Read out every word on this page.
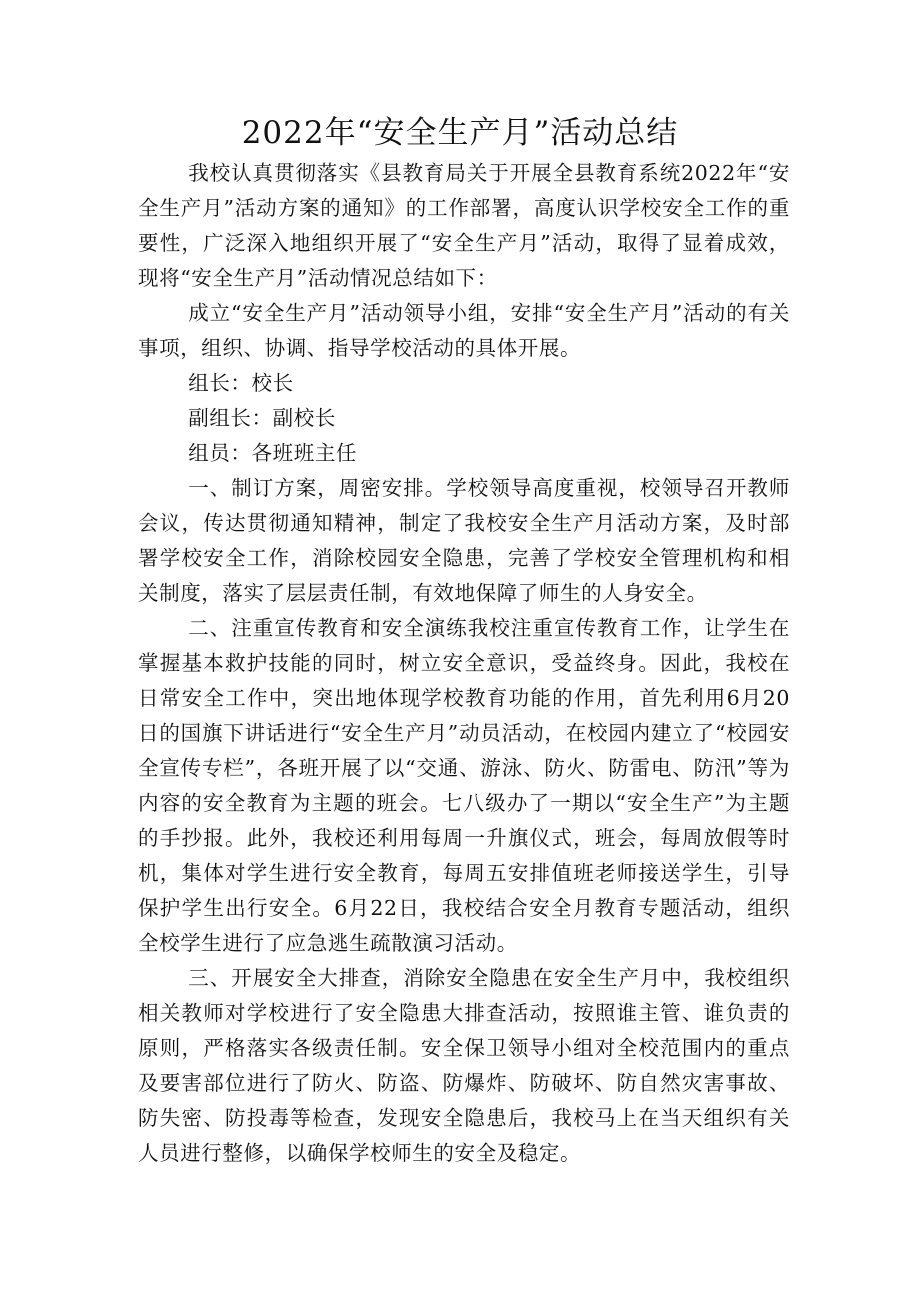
2022年“安全生产月”活动总结

我校认真贯彻落实《县教育局关于开展全县教育系统2022年“安全生产月”活动方案的通知》的工作部署，高度认识学校安全工作的重要性，广泛深入地组织开展了“安全生产月”活动，取得了显着成效，现将“安全生产月”活动情况总结如下：

成立“安全生产月”活动领导小组，安排“安全生产月”活动的有关事项，组织、协调、指导学校活动的具体开展。

组长：校长

副组长：副校长

组员：各班班主任

一、制订方案，周密安排。学校领导高度重视，校领导召开教师会议，传达贯彻通知精神，制定了我校安全生产月活动方案，及时部署学校安全工作，消除校园安全隐患，完善了学校安全管理机构和相关制度，落实了层层责任制，有效地保障了师生的人身安全。

二、注重宣传教育和安全演练我校注重宣传教育工作，让学生在掌握基本救护技能的同时，树立安全意识，受益终身。因此，我校在日常安全工作中，突出地体现学校教育功能的作用，首先利用6月20日的国旗下讲话进行“安全生产月”动员活动，在校园内建立了“校园安全宣传专栏”，各班开展了以“交通、游泳、防火、防雷电、防汛”等为内容的安全教育为主题的班会。七八级办了一期以“安全生产”为主题的手抄报。此外，我校还利用每周一升旗仪式，班会，每周放假等时机，集体对学生进行安全教育，每周五安排值班老师接送学生，引导保护学生出行安全。6月22日，我校结合安全月教育专题活动，组织全校学生进行了应急逃生疏散演习活动。

三、开展安全大排查，消除安全隐患在安全生产月中，我校组织相关教师对学校进行了安全隐患大排查活动，按照谁主管、谁负责的原则，严格落实各级责任制。安全保卫领导小组对全校范围内的重点及要害部位进行了防火、防盗、防爆炸、防破坏、防自然灾害事故、防失密、防投毒等检查，发现安全隐患后，我校马上在当天组织有关人员进行整修，以确保学校师生的安全及稳定。
